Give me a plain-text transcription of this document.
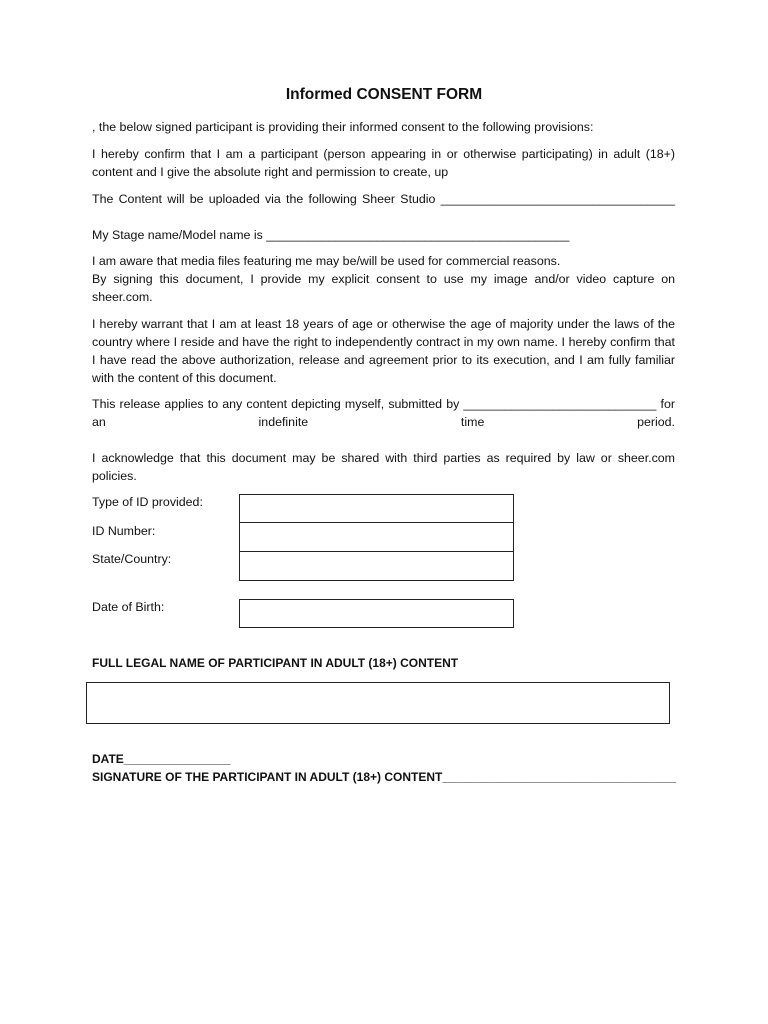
Informed CONSENT FORM
, the below signed participant is providing their informed consent to the following provisions:
I hereby confirm that I am a participant (person appearing in or otherwise participating) in adult (18+) content and I give the absolute right and permission to create, up
The Content will be uploaded via the following Sheer Studio __________________________________
My Stage name/Model name is ____________________________________________
I am aware that media files featuring me may be/will be used for commercial reasons.
By signing this document, I provide my explicit consent to use my image and/or video capture on sheer.com.
I hereby warrant that I am at least 18 years of age or otherwise the age of majority under the laws of the country where I reside and have the right to independently contract in my own name. I hereby confirm that I have read the above authorization, release and agreement prior to its execution, and I am fully familiar with the content of this document.
This release applies to any content depicting myself, submitted by ____________________________ for an indefinite time period.
I acknowledge that this document may be shared with third parties as required by law or sheer.com policies.
Type of ID provided:
ID Number:
State/Country:
Date of Birth:
FULL LEGAL NAME OF PARTICIPANT IN ADULT (18+) CONTENT
DATE________________
SIGNATURE OF THE PARTICIPANT IN ADULT (18+) CONTENT___________________________________
